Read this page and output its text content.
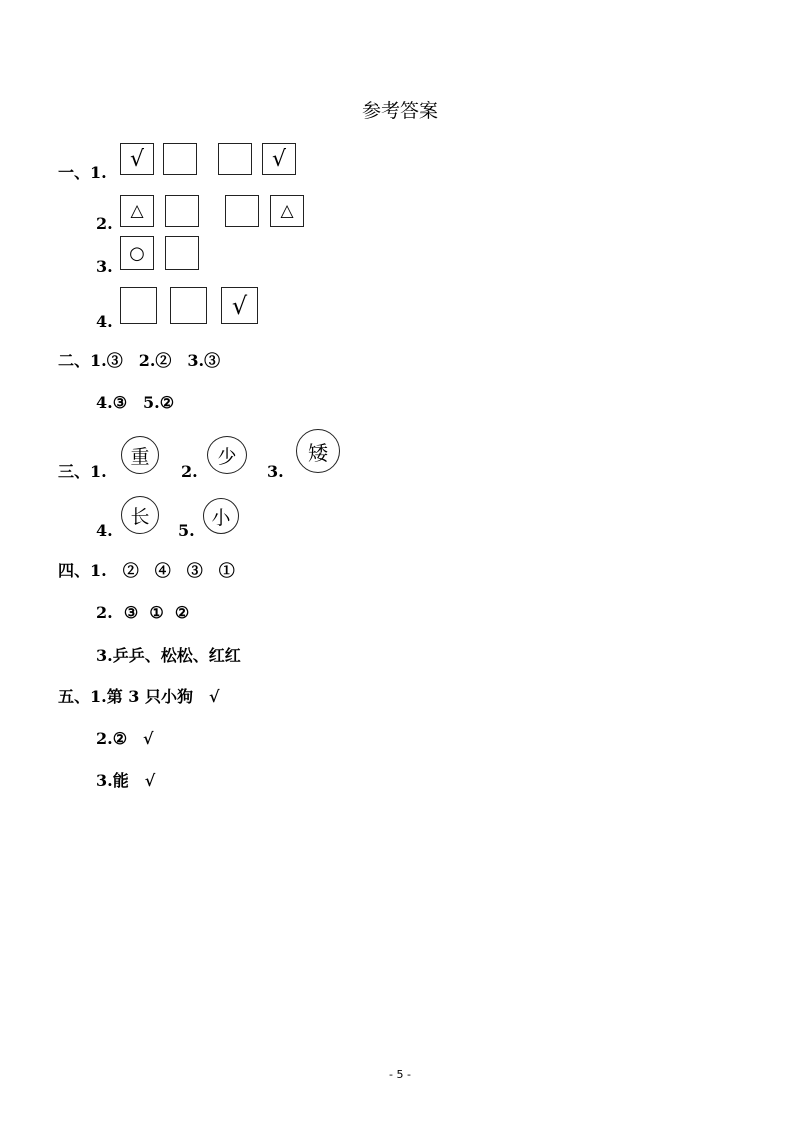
参考答案
一、1.
√	√
2.
△	△
3.
○
4.
√
二、1.③　2.②　3.③
4.③　5.②
三、1.
重
2.
少
3.
矮
4.
长
5.
小
四、1.　②　④　③　①
2.  ③  ①  ②
3.乒乒、松松、红红
五、1.第 3 只小狗　√
2.②　√
3.能　√
- 5 -
